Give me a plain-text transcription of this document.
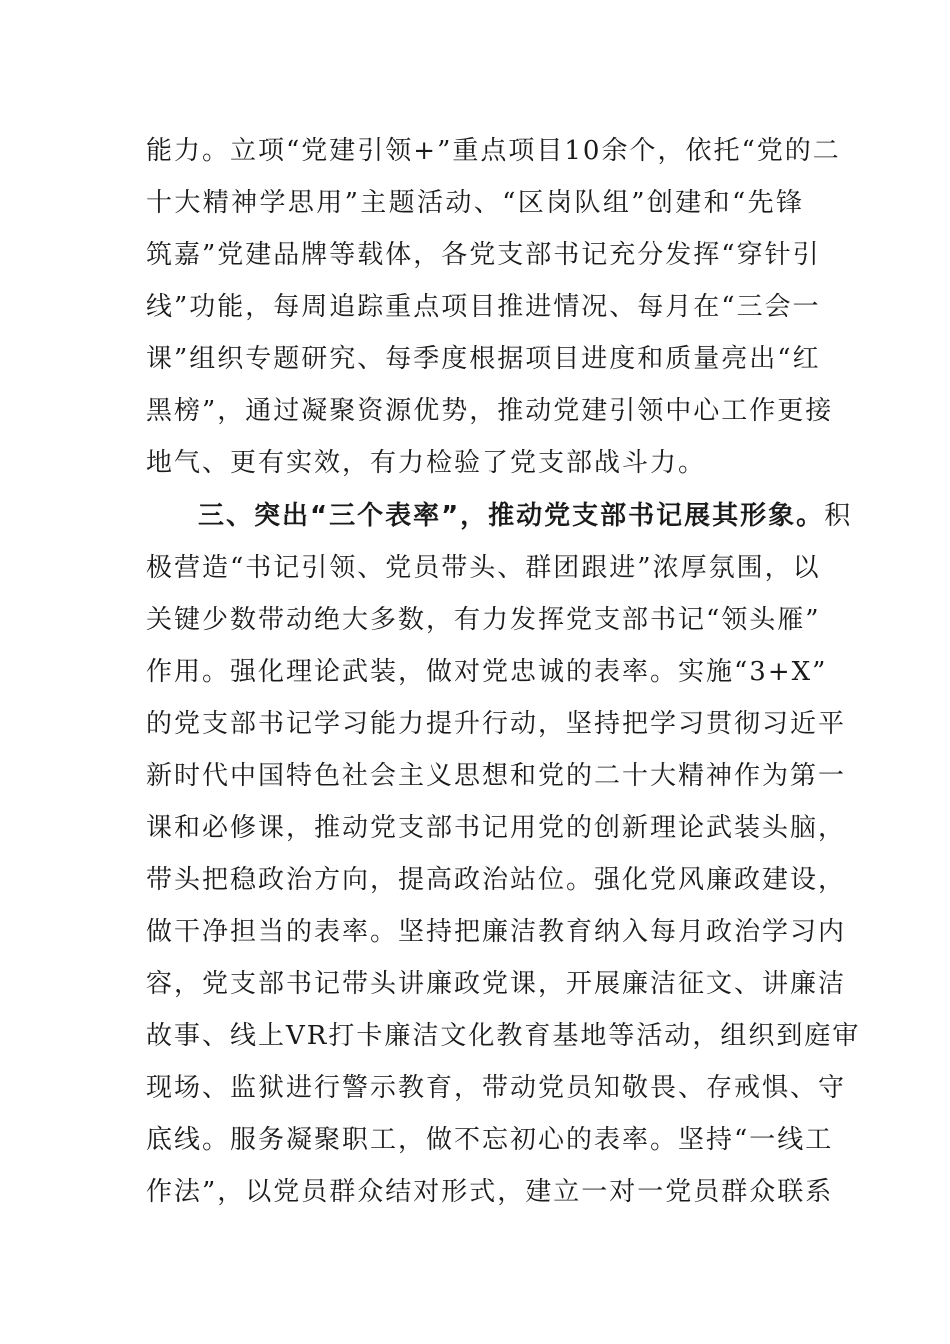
能力。立项“党建引领+”重点项目10余个，依托“党的二
十大精神学思用”主题活动、“区岗队组”创建和“先锋
筑嘉”党建品牌等载体，各党支部书记充分发挥“穿针引
线”功能，每周追踪重点项目推进情况、每月在“三会一
课”组织专题研究、每季度根据项目进度和质量亮出“红
黑榜”，通过凝聚资源优势，推动党建引领中心工作更接
地气、更有实效，有力检验了党支部战斗力。
三、突出“三个表率”，推动党支部书记展其形象。积
极营造“书记引领、党员带头、群团跟进”浓厚氛围，以
关键少数带动绝大多数，有力发挥党支部书记“领头雁”
作用。强化理论武装，做对党忠诚的表率。实施“3+X”
的党支部书记学习能力提升行动，坚持把学习贯彻习近平
新时代中国特色社会主义思想和党的二十大精神作为第一
课和必修课，推动党支部书记用党的创新理论武装头脑，
带头把稳政治方向，提高政治站位。强化党风廉政建设，
做干净担当的表率。坚持把廉洁教育纳入每月政治学习内
容，党支部书记带头讲廉政党课，开展廉洁征文、讲廉洁
故事、线上VR打卡廉洁文化教育基地等活动，组织到庭审
现场、监狱进行警示教育，带动党员知敬畏、存戒惧、守
底线。服务凝聚职工，做不忘初心的表率。坚持“一线工
作法”，以党员群众结对形式，建立一对一党员群众联系
